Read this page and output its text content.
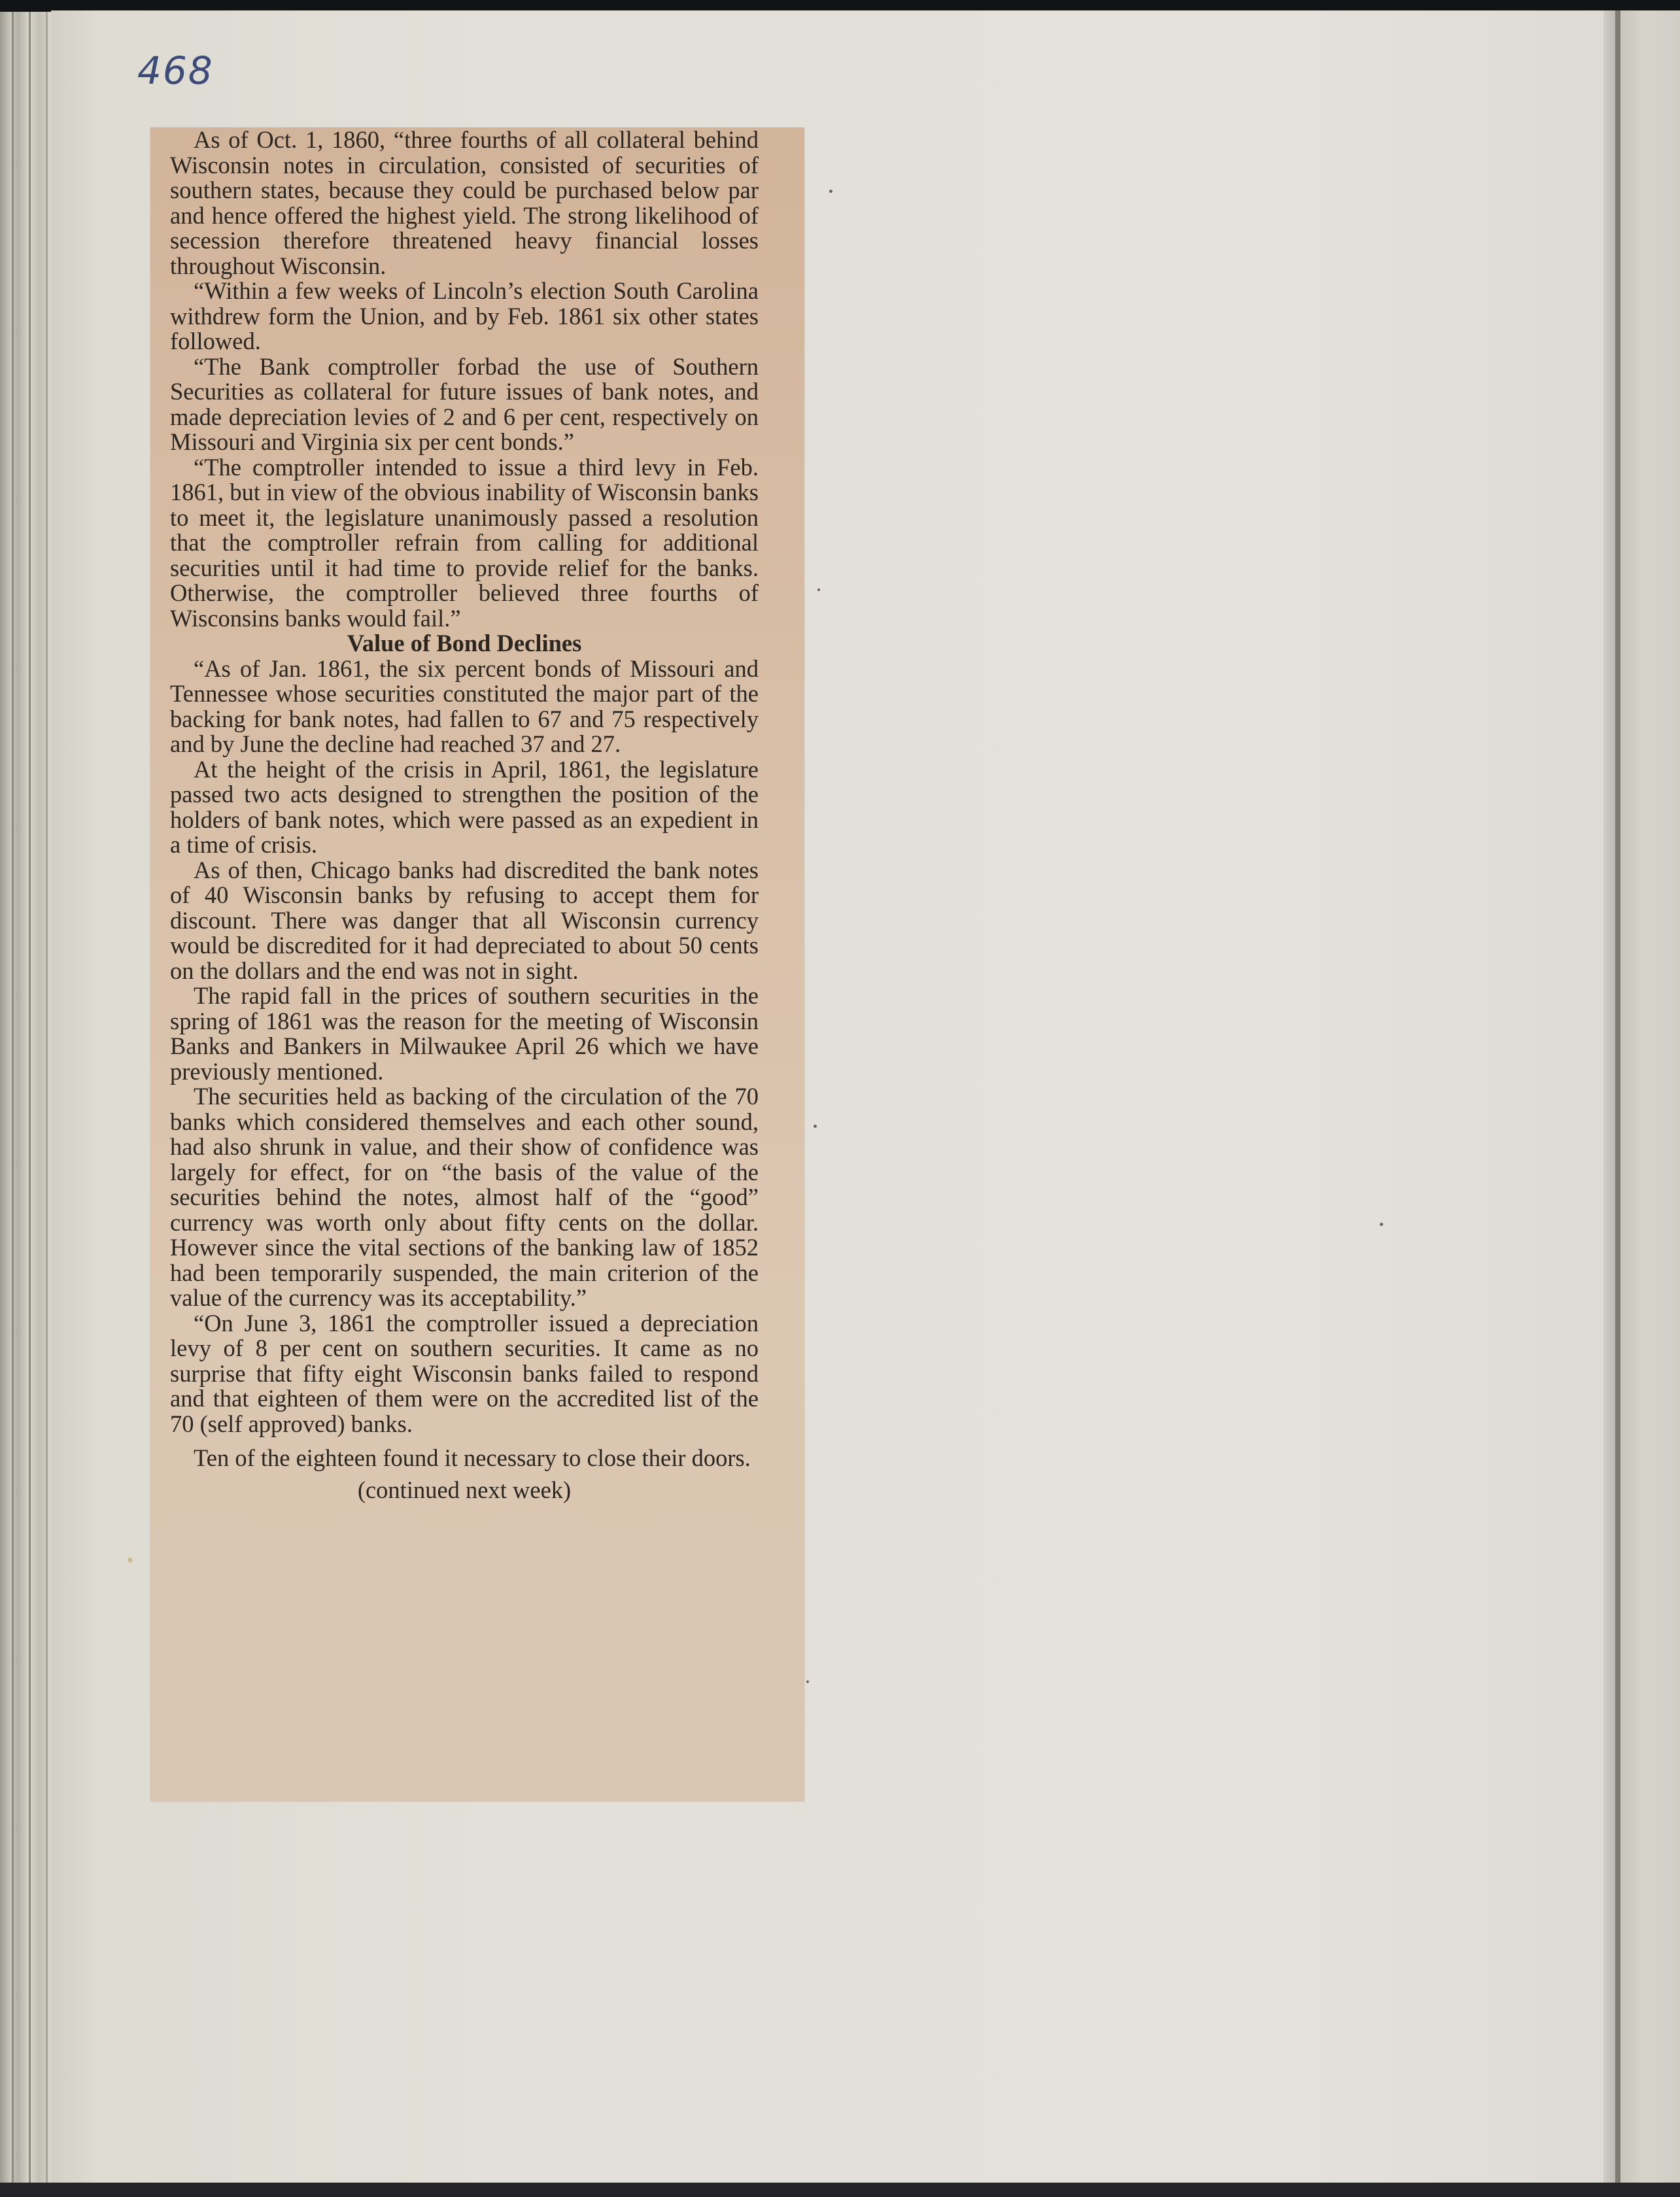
468

As of Oct. 1, 1860, “three fourths of all collateral behind Wisconsin notes in circulation, consisted of securities of southern states, because they could be purchased below par and hence offered the highest yield. The strong likelihood of secession therefore threatened heavy financial losses throughout Wisconsin.

“Within a few weeks of Lincoln’s election South Carolina withdrew form the Union, and by Feb. 1861 six other states followed.

“The Bank comptroller forbad the use of Southern Securities as collateral for future issues of bank notes, and made depreciation levies of 2 and 6 per cent, respectively on Missouri and Virginia six per cent bonds.”

“The comptroller intended to issue a third levy in Feb. 1861, but in view of the obvious inability of Wisconsin banks to meet it, the legislature unanimously passed a resolution that the comptroller refrain from calling for additional securities until it had time to provide relief for the banks. Otherwise, the comptroller believed three fourths of Wisconsins banks would fail.”

Value of Bond Declines

“As of Jan. 1861, the six percent bonds of Missouri and Tennessee whose securities constituted the major part of the backing for bank notes, had fallen to 67 and 75 respectively and by June the decline had reached 37 and 27.

At the height of the crisis in April, 1861, the legislature passed two acts designed to strengthen the position of the holders of bank notes, which were passed as an expedient in a time of crisis.

As of then, Chicago banks had discredited the bank notes of 40 Wisconsin banks by refusing to accept them for discount. There was danger that all Wisconsin currency would be discredited for it had depreciated to about 50 cents on the dollars and the end was not in sight.

The rapid fall in the prices of southern securities in the spring of 1861 was the reason for the meeting of Wisconsin Banks and Bankers in Milwaukee April 26 which we have previously mentioned.

The securities held as backing of the circulation of the 70 banks which considered themselves and each other sound, had also shrunk in value, and their show of confidence was largely for effect, for on “the basis of the value of the securities behind the notes, almost half of the “good” currency was worth only about fifty cents on the dollar. However since the vital sections of the banking law of 1852 had been temporarily suspended, the main criterion of the value of the currency was its acceptability.”

“On June 3, 1861 the comptroller issued a depreciation levy of 8 per cent on southern securities. It came as no surprise that fifty eight Wisconsin banks failed to respond and that eighteen of them were on the accredited list of the 70 (self approved) banks.

Ten of the eighteen found it necessary to close their doors.

(continued next week)
